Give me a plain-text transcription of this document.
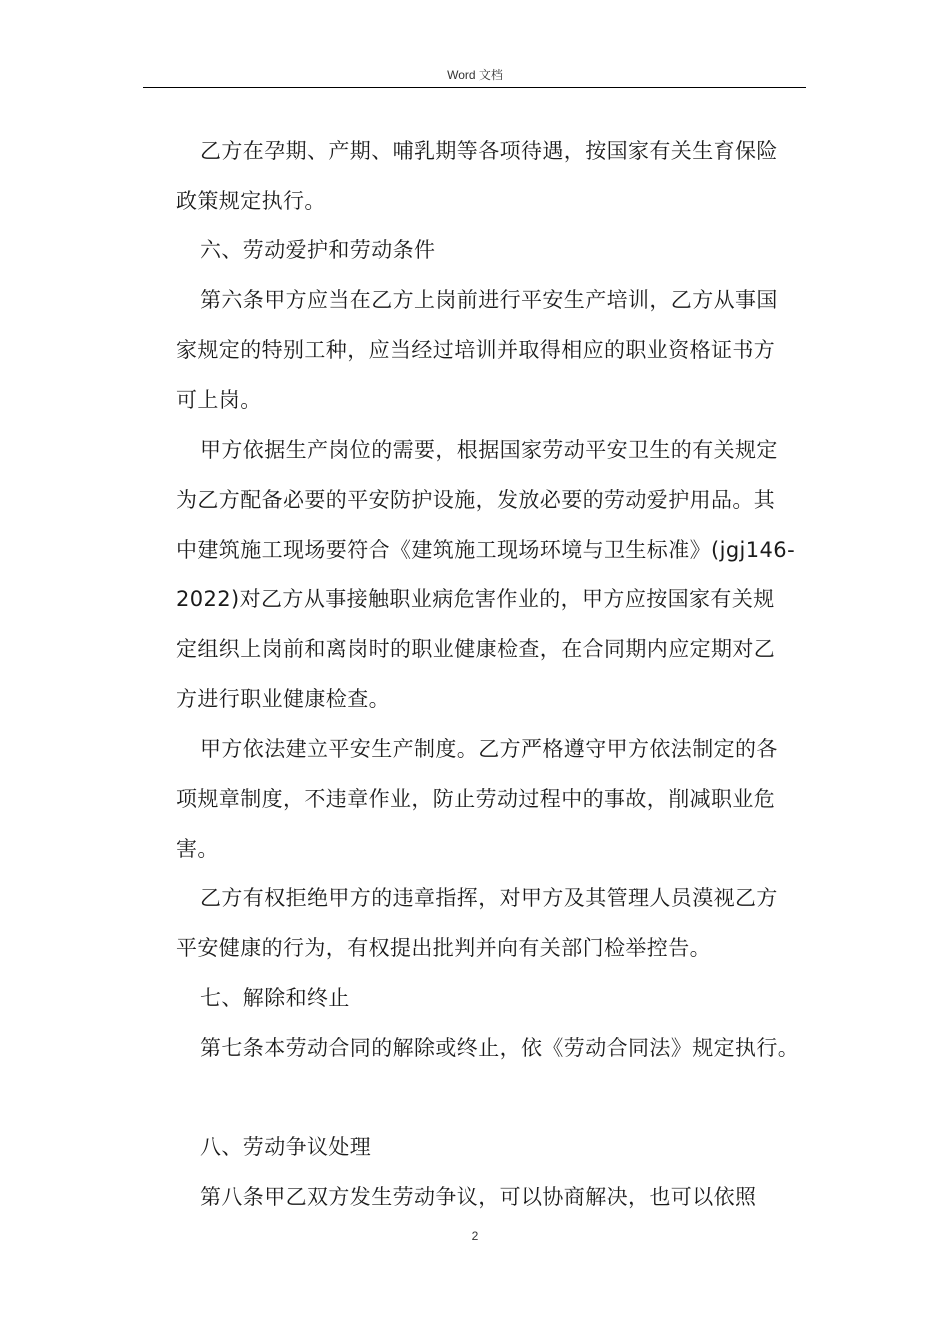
Word 文档
乙方在孕期、产期、哺乳期等各项待遇，按国家有关生育保险
政策规定执行。
六、劳动爱护和劳动条件
第六条甲方应当在乙方上岗前进行平安生产培训，乙方从事国
家规定的特别工种，应当经过培训并取得相应的职业资格证书方
可上岗。
甲方依据生产岗位的需要，根据国家劳动平安卫生的有关规定
为乙方配备必要的平安防护设施，发放必要的劳动爱护用品。其
中建筑施工现场要符合《建筑施工现场环境与卫生标准》(jgj146-
2022)对乙方从事接触职业病危害作业的，甲方应按国家有关规
定组织上岗前和离岗时的职业健康检查，在合同期内应定期对乙
方进行职业健康检查。
甲方依法建立平安生产制度。乙方严格遵守甲方依法制定的各
项规章制度，不违章作业，防止劳动过程中的事故，削减职业危
害。
乙方有权拒绝甲方的违章指挥，对甲方及其管理人员漠视乙方
平安健康的行为，有权提出批判并向有关部门检举控告。
七、解除和终止
第七条本劳动合同的解除或终止，依《劳动合同法》规定执行。
八、劳动争议处理
第八条甲乙双方发生劳动争议，可以协商解决，也可以依照
2
